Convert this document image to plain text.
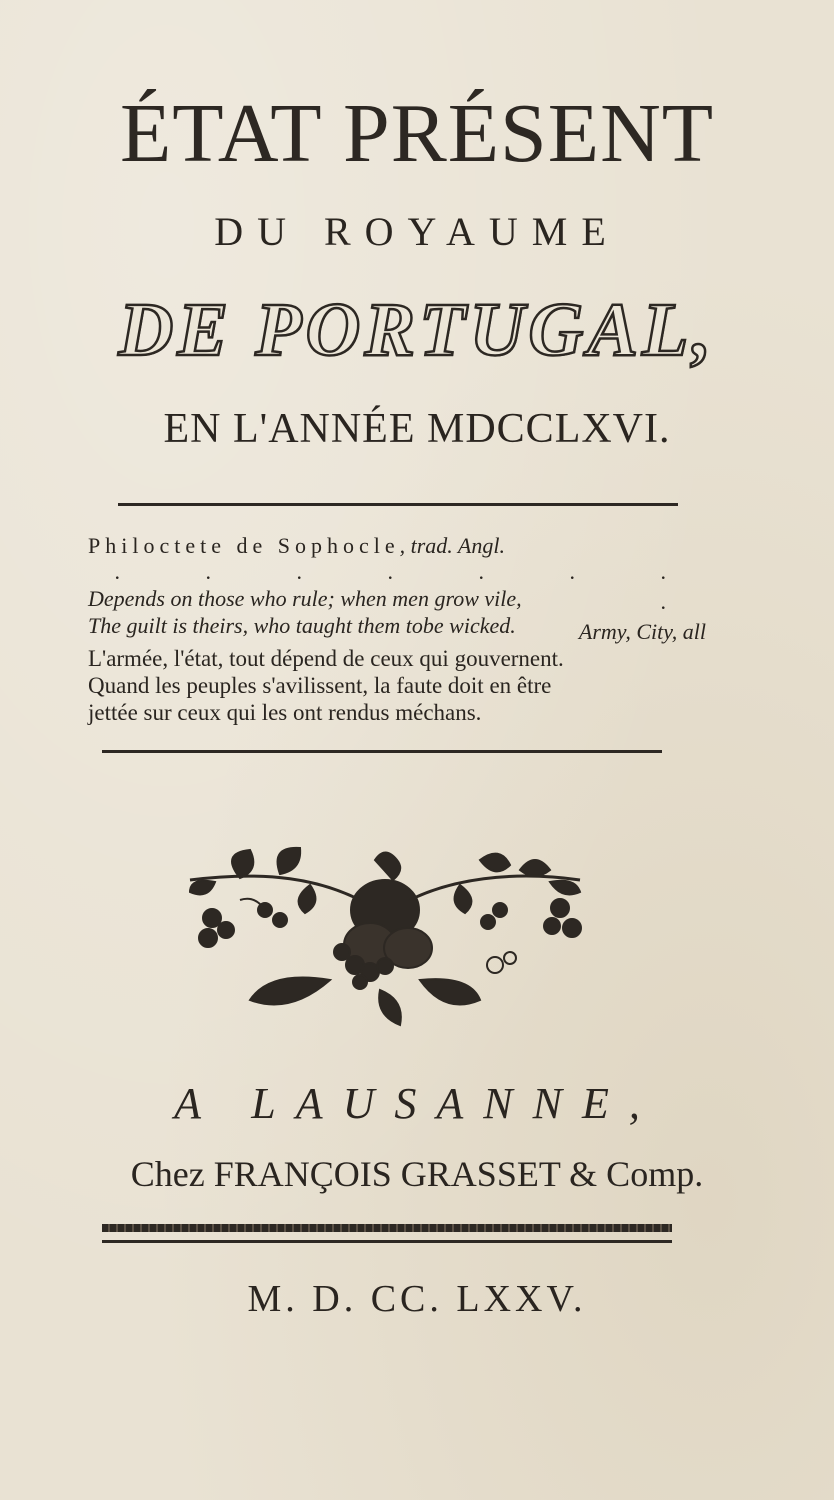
ÉTAT PRÉSENT
DU ROYAUME
DE PORTUGAL,
EN L'ANNÉE MDCCLXVI.
Philoctete de Sophocle, trad. Angl.
. . . . . . . .
Army, City, all
Depends on those who rule; when men grow vile,
The guilt is theirs, who taught them tobe wicked.
L'armée, l'état, tout dépend de ceux qui gouvernent.
Quand les peuples s'avilissent, la faute doit en être
jettée sur ceux qui les ont rendus méchans.
A LAUSANNE,
Chez FRANÇOIS GRASSET & Comp.
M. D. CC. LXXV.
